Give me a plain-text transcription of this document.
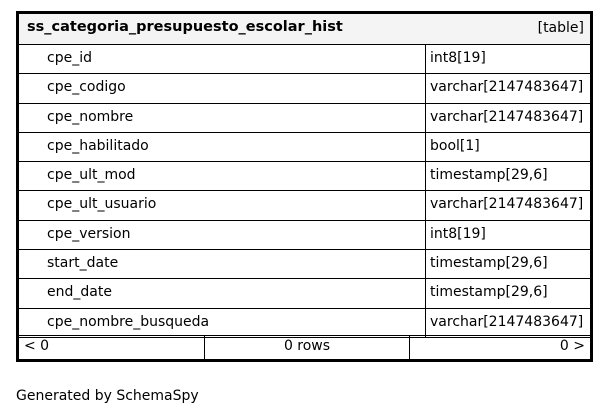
ss_categoria_presupuesto_escolar_hist	[table]
cpe_id	int8[19]
cpe_codigo	varchar[2147483647]
cpe_nombre	varchar[2147483647]
cpe_habilitado	bool[1]
cpe_ult_mod	timestamp[29,6]
cpe_ult_usuario	varchar[2147483647]
cpe_version	int8[19]
start_date	timestamp[29,6]
end_date	timestamp[29,6]
cpe_nombre_busqueda	varchar[2147483647]
< 0	0 rows	0 >
Generated by SchemaSpy
